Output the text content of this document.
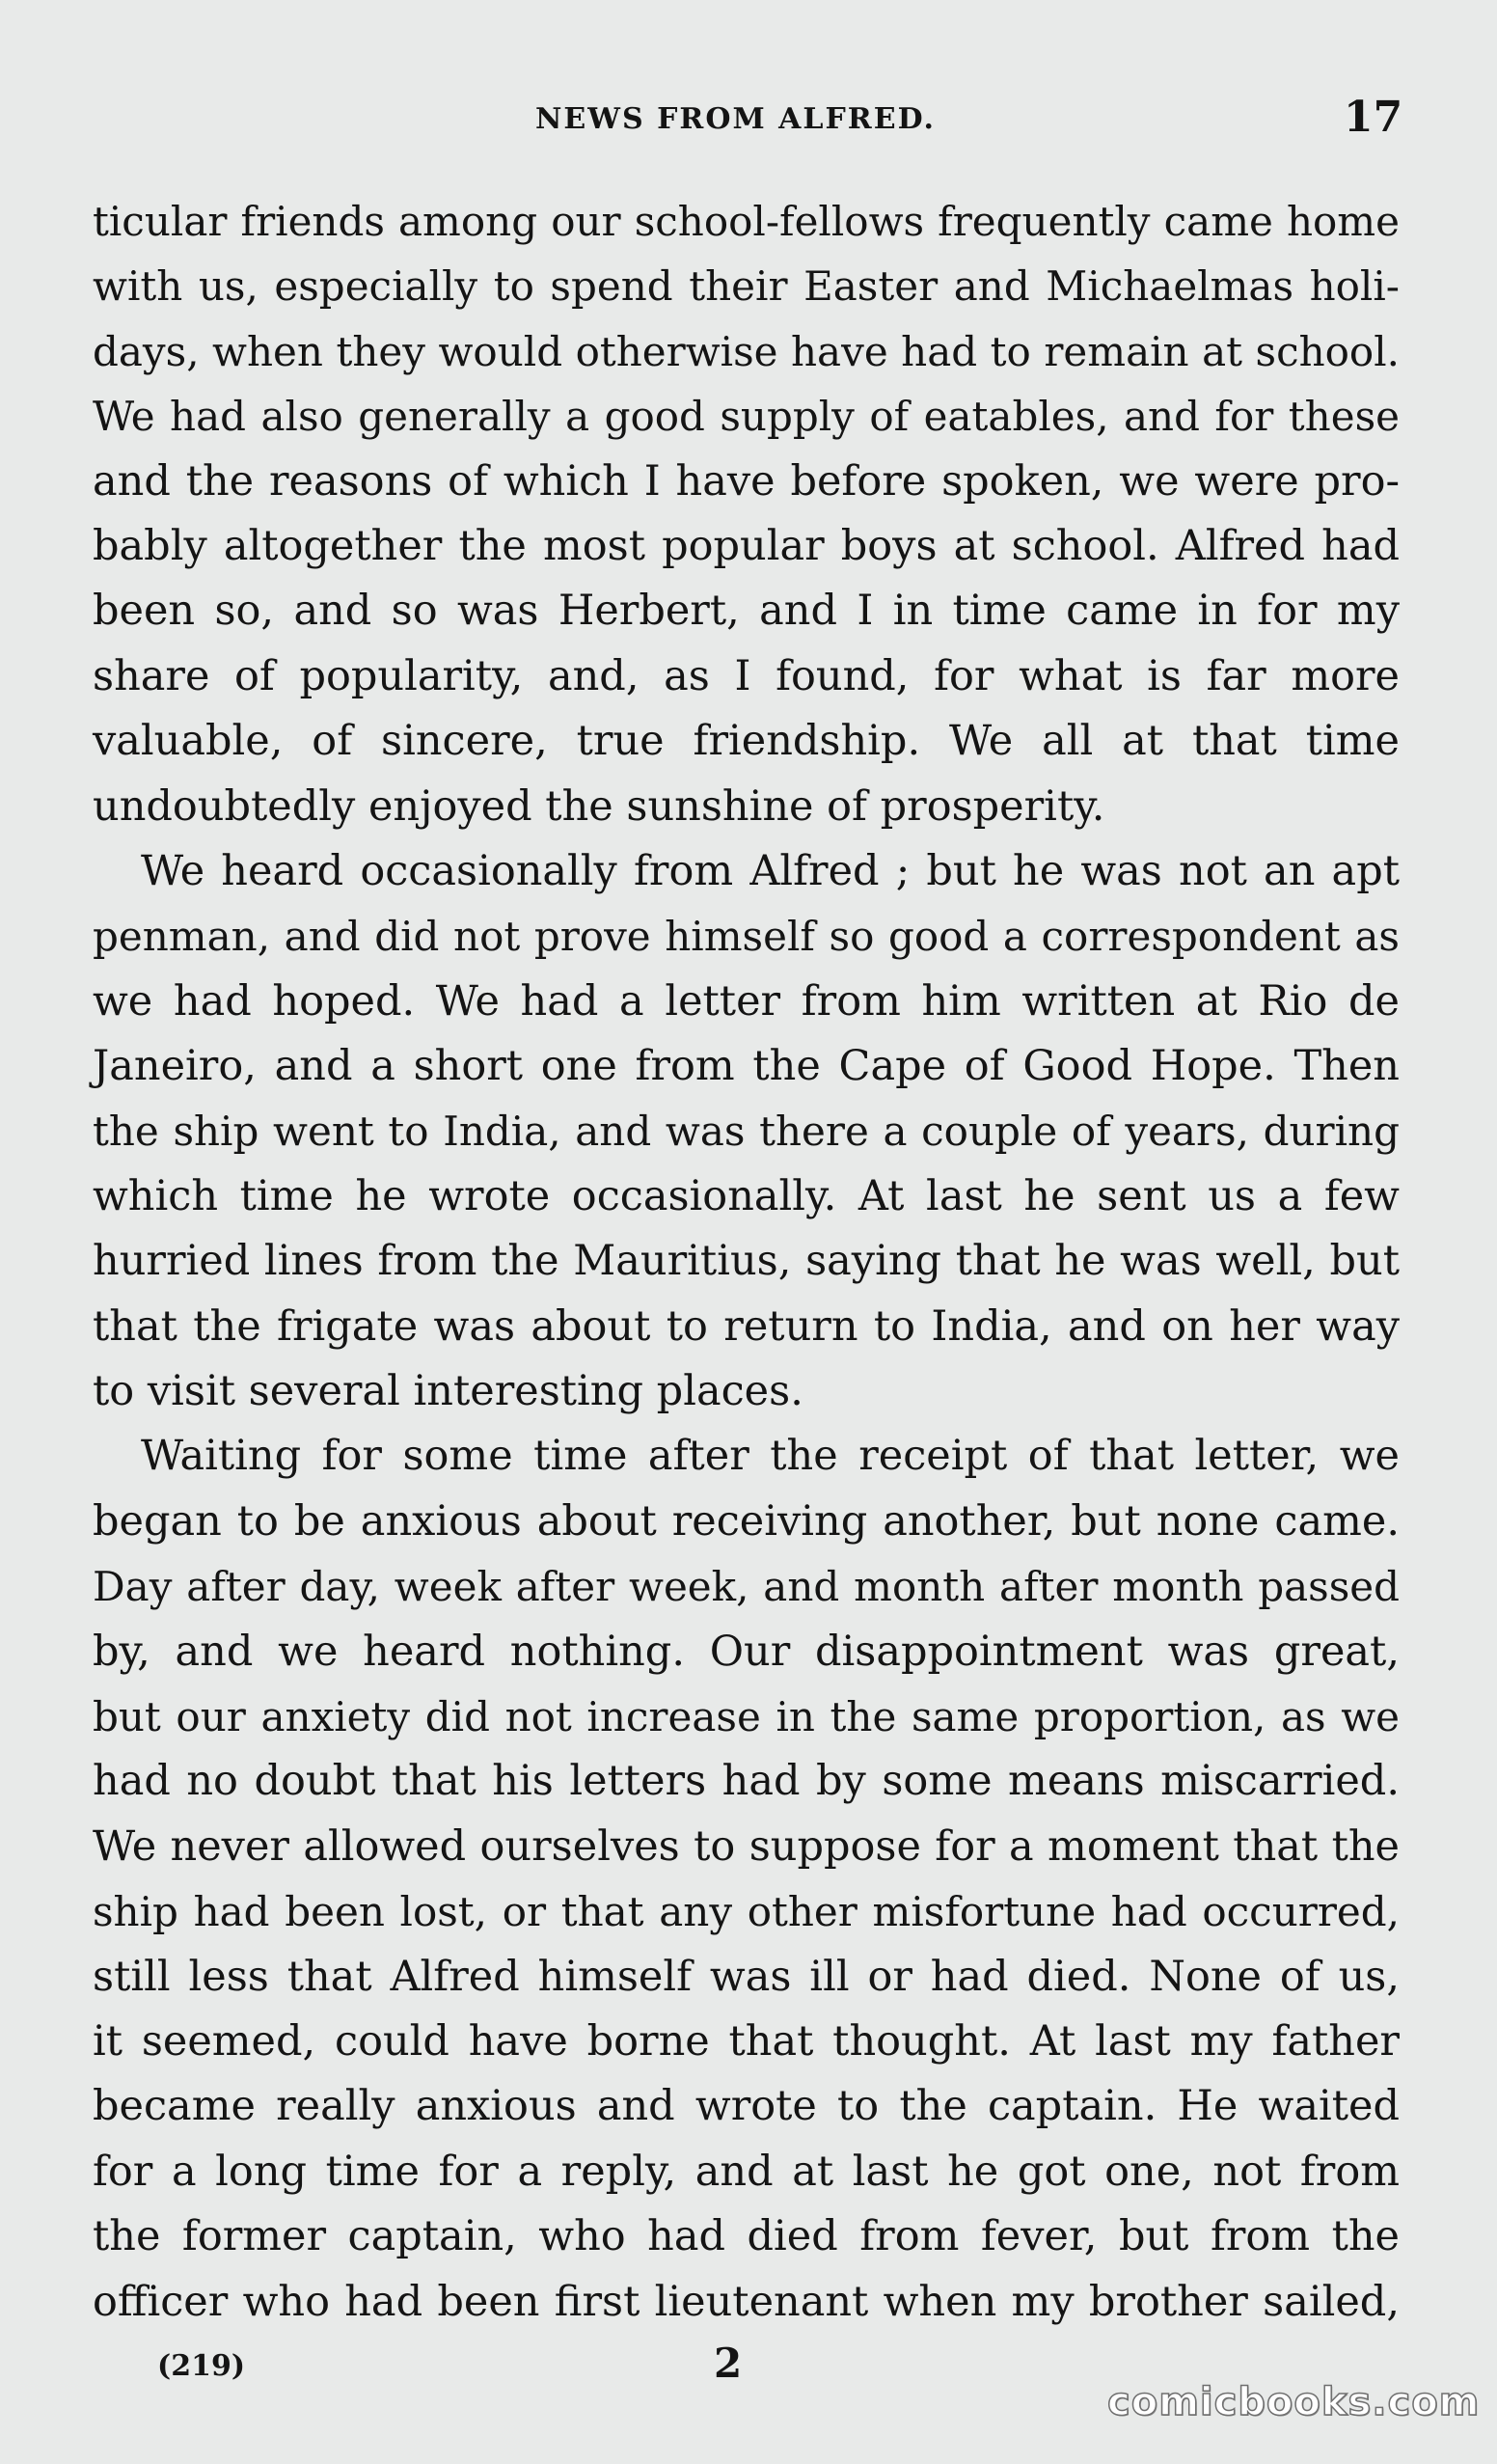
NEWS FROM ALFRED.	17
ticular friends among our school-fellows frequently came home
with us, especially to spend their Easter and Michaelmas holi-
days, when they would otherwise have had to remain at school.
We had also generally a good supply of eatables, and for these
and the reasons of which I have before spoken, we were pro-
bably altogether the most popular boys at school. Alfred had
been so, and so was Herbert, and I in time came in for my
share of popularity, and, as I found, for what is far more
valuable, of sincere, true friendship. We all at that time
undoubtedly enjoyed the sunshine of prosperity.
We heard occasionally from Alfred ; but he was not an apt
penman, and did not prove himself so good a correspondent as
we had hoped. We had a letter from him written at Rio de
Janeiro, and a short one from the Cape of Good Hope. Then
the ship went to India, and was there a couple of years, during
which time he wrote occasionally. At last he sent us a few
hurried lines from the Mauritius, saying that he was well, but
that the frigate was about to return to India, and on her way
to visit several interesting places.
Waiting for some time after the receipt of that letter, we
began to be anxious about receiving another, but none came.
Day after day, week after week, and month after month passed
by, and we heard nothing. Our disappointment was great,
but our anxiety did not increase in the same proportion, as we
had no doubt that his letters had by some means miscarried.
We never allowed ourselves to suppose for a moment that the
ship had been lost, or that any other misfortune had occurred,
still less that Alfred himself was ill or had died. None of us,
it seemed, could have borne that thought. At last my father
became really anxious and wrote to the captain. He waited
for a long time for a reply, and at last he got one, not from
the former captain, who had died from fever, but from the
officer who had been first lieutenant when my brother sailed,
(219)	2
comicbooks.com
